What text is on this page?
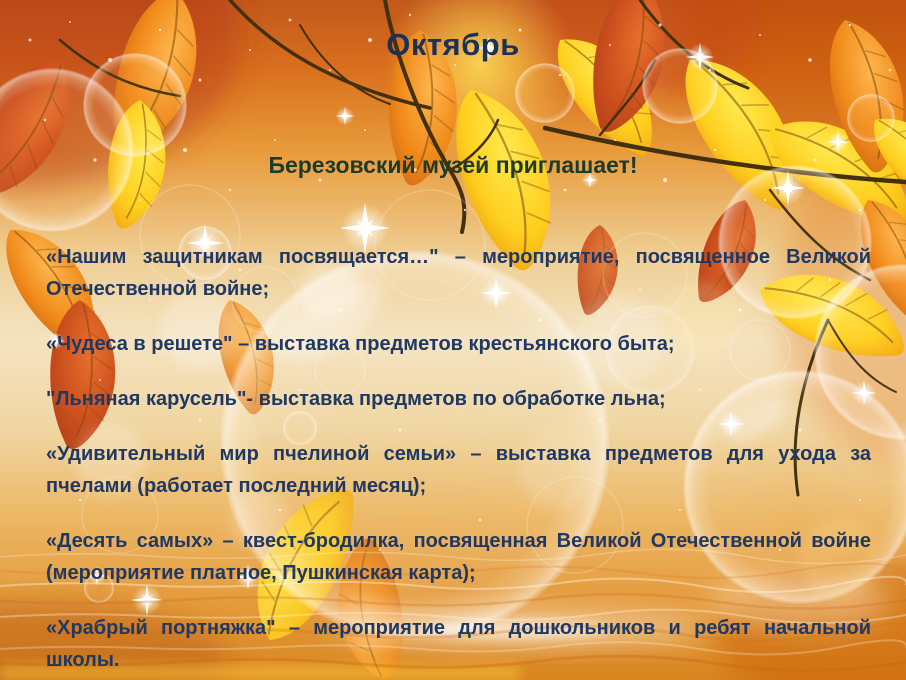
Октябрь
Березовский музей приглашает!

«Нашим защитникам посвящается…" – мероприятие, посвященное Великой Отечественной войне;

«Чудеса в решете" – выставка предметов крестьянского быта;

"Льняная карусель"- выставка предметов по обработке льна;

«Удивительный мир пчелиной семьи» – выставка предметов для ухода за пчелами (работает последний месяц);

«Десять самых» – квест-бродилка, посвященная Великой Отечественной войне (мероприятие платное, Пушкинская карта);

«Храбрый портняжка" – мероприятие для дошкольников и ребят начальной школы.
